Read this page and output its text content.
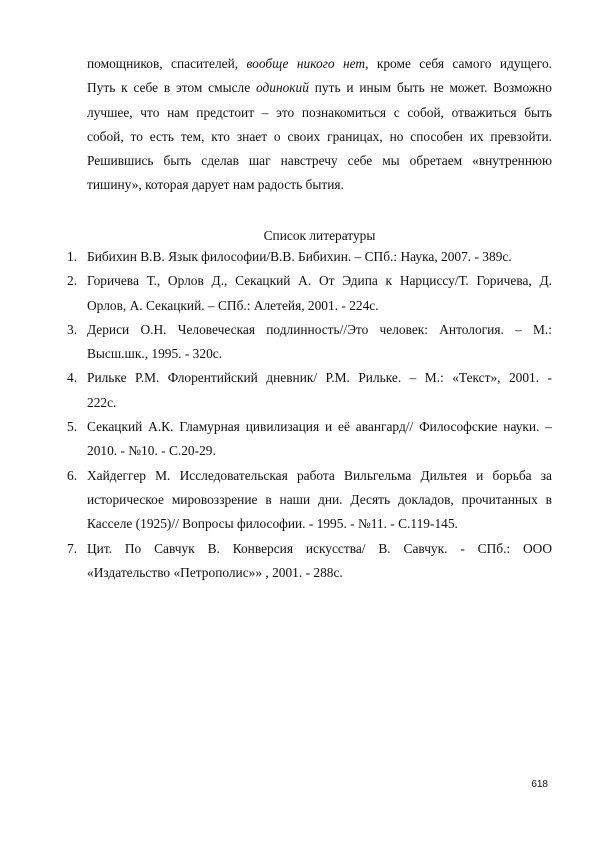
помощников, спасителей, вообще никого нет, кроме себя самого идущего.
Путь к себе в этом смысле одинокий путь и иным быть не может. Возможно
лучшее, что нам предстоит – это познакомиться с собой, отважиться быть
собой, то есть тем, кто знает о своих границах, но способен их превзойти.
Решившись быть сделав шаг навстречу себе мы обретаем «внутреннюю
тишину», которая дарует нам радость бытия.

Список литературы

1. Бибихин В.В. Язык философии/В.В. Бибихин. – СПб.: Наука, 2007. - 389с.
2. Горичева Т., Орлов Д., Секацкий А. От Эдипа к Нарциссу/Т. Горичева, Д.
Орлов, А. Секацкий. – СПб.: Алетейя, 2001. - 224с.
3. Дериси О.Н. Человеческая подлинность//Это человек: Антология. – М.:
Высш.шк., 1995. - 320с.
4. Рильке Р.М. Флорентийский дневник/ Р.М. Рильке. – М.: «Текст», 2001. -
222с.
5. Секацкий А.К. Гламурная цивилизация и её авангард// Философские науки. –
2010. - №10. - С.20-29.
6. Хайдеггер М. Исследовательская работа Вильгельма Дильтея и борьба за
историческое мировоззрение в наши дни. Десять докладов, прочитанных в
Касселе (1925)// Вопросы философии. - 1995. - №11. - С.119-145.
7. Цит. По Савчук В. Конверсия искусства/ В. Савчук. - СПб.: ООО
«Издательство «Петрополис»» , 2001. - 288с.
618
